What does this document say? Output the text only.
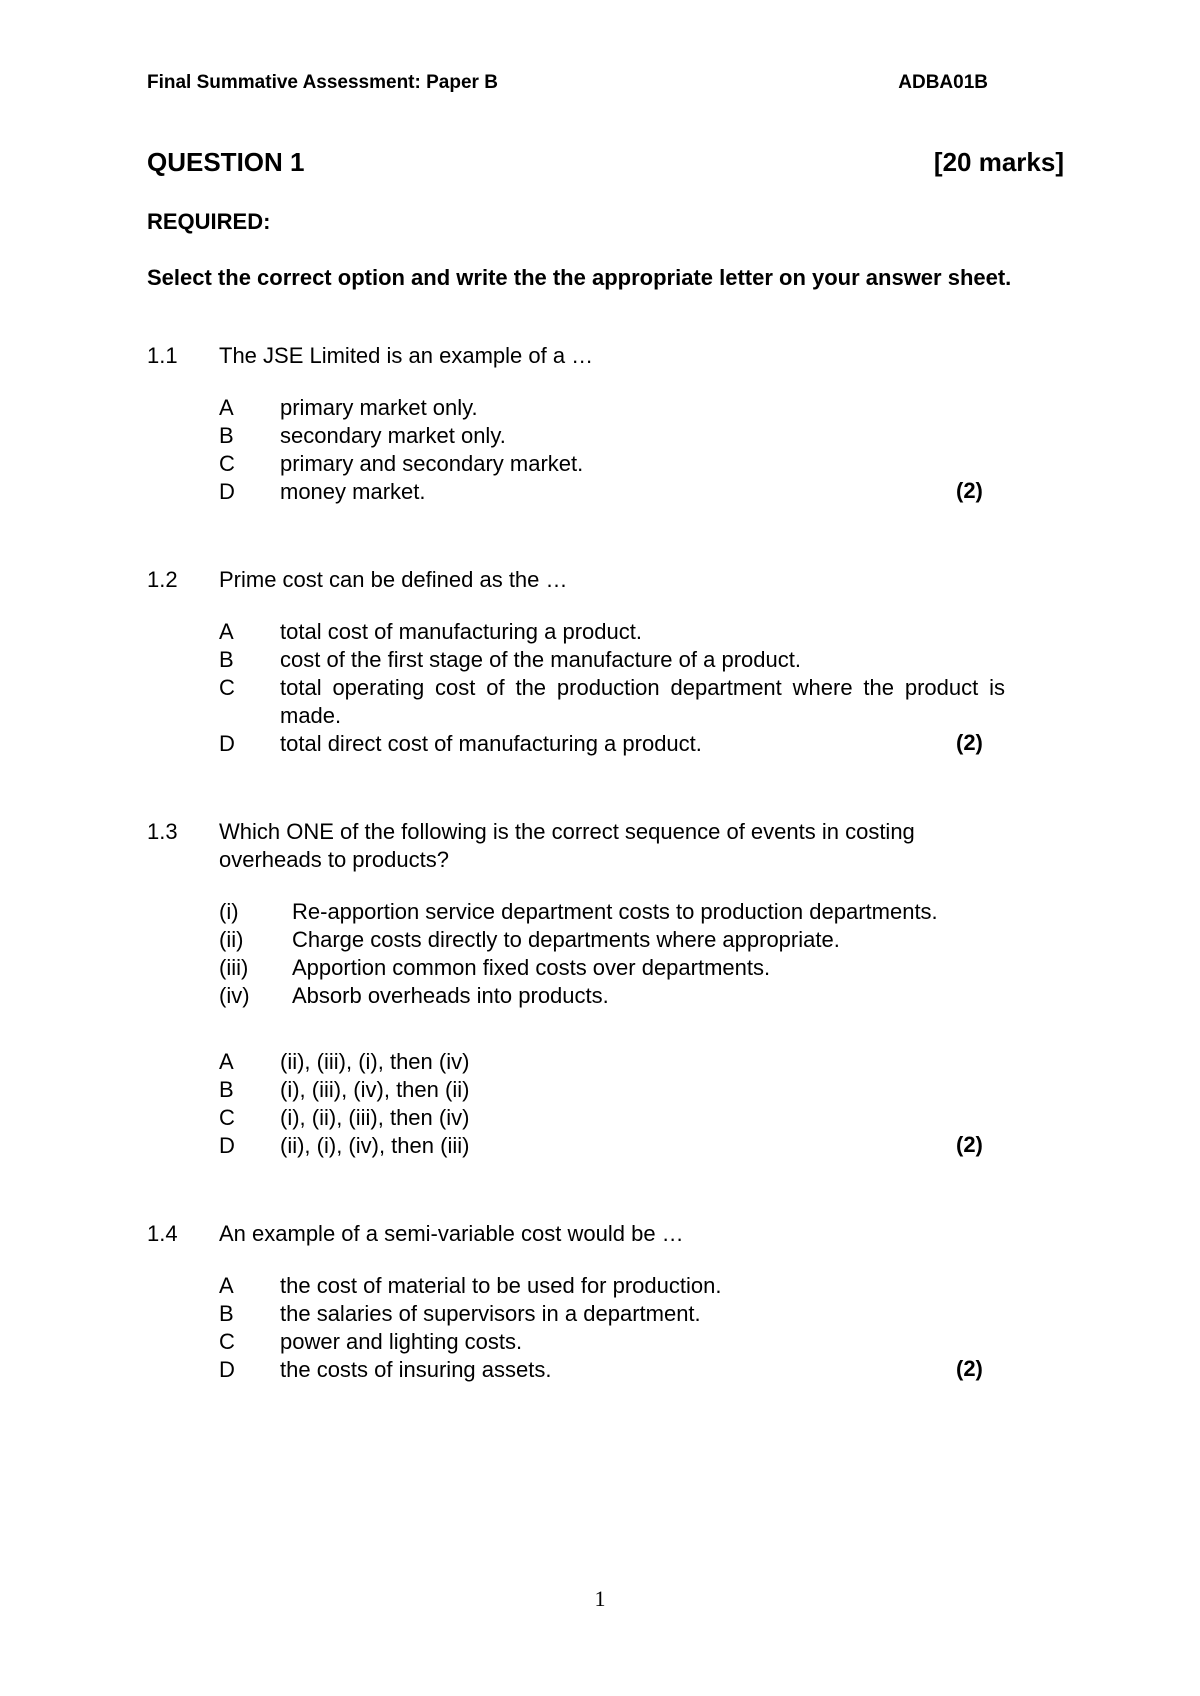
Final Summative Assessment: Paper B	ADBA01B
QUESTION 1	[20 marks]
REQUIRED:
Select the correct option and write the the appropriate letter on your answer sheet.
1.1 The JSE Limited is an example of a …
A primary market only.
B secondary market only.
C primary and secondary market.
D money market.	(2)
1.2 Prime cost can be defined as the …
A total cost of manufacturing a product.
B cost of the first stage of the manufacture of a product.
C total operating cost of the production department where the product is made.
D total direct cost of manufacturing a product.	(2)
1.3 Which ONE of the following is the correct sequence of events in costing overheads to products?
(i) Re-apportion service department costs to production departments.
(ii) Charge costs directly to departments where appropriate.
(iii) Apportion common fixed costs over departments.
(iv) Absorb overheads into products.
A (ii), (iii), (i), then (iv)
B (i), (iii), (iv), then (ii)
C (i), (ii), (iii), then (iv)
D (ii), (i), (iv), then (iii)	(2)
1.4 An example of a semi-variable cost would be …
A the cost of material to be used for production.
B the salaries of supervisors in a department.
C power and lighting costs.
D the costs of insuring assets.	(2)
1
